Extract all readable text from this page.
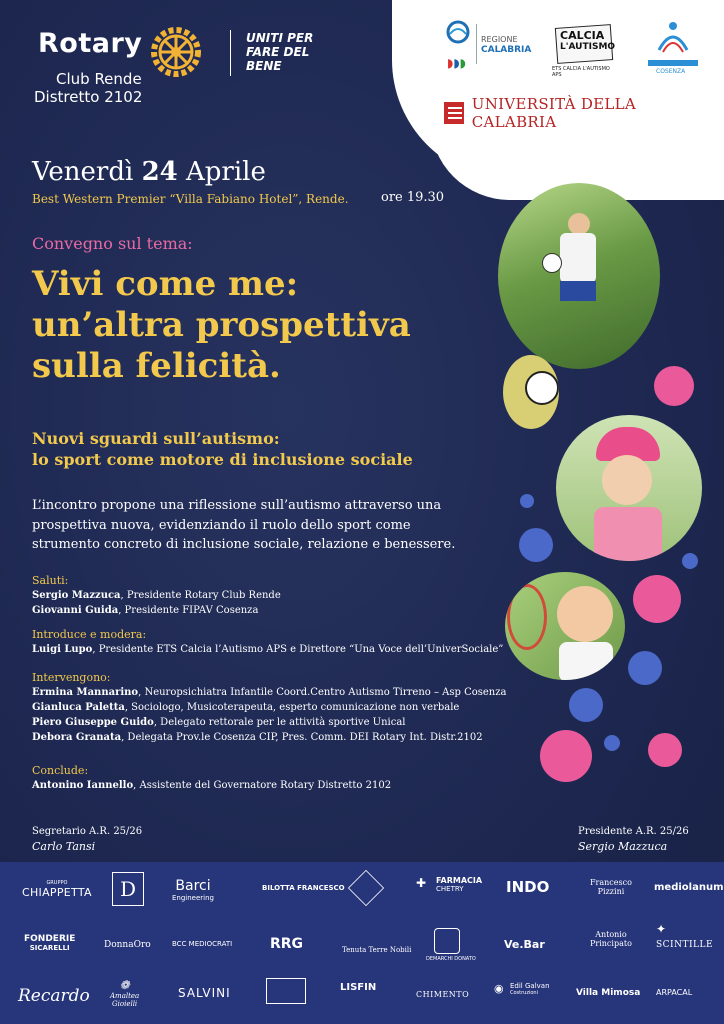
Rotary
Club Rende
Distretto 2102
UNITI PER
FARE DEL
BENE	◗◗◗
REGIONE
CALABRIA
CALCIA
L'AUTISMO
ETS CALCIA L'AUTISMO APS	COSENZA
UNIVERSITÀ DELLA CALABRIA
Venerdì 24 Aprile
Best Western Premier “Villa Fabiano Hotel”, Rende. ore 19.30
Convegno sul tema:
Vivi come me:
un’altra prospettiva
sulla felicità.
Nuovi sguardi sull’autismo:
lo sport come motore di inclusione sociale
L’incontro propone una riflessione sull’autismo attraverso una
prospettiva nuova, evidenziando il ruolo dello sport come
strumento concreto di inclusione sociale, relazione e benessere.
Saluti:
Sergio Mazzuca, Presidente Rotary Club Rende
Giovanni Guida, Presidente FIPAV Cosenza
Introduce e modera:
Luigi Lupo, Presidente ETS Calcia l’Autismo APS e Direttore “Una Voce dell’UniverSociale”
Intervengono:
Ermina Mannarino, Neuropsichiatra Infantile Coord.Centro Autismo Tirreno – Asp Cosenza
Gianluca Paletta, Sociologo, Musicoterapeuta, esperto comunicazione non verbale
Piero Giuseppe Guido, Delegato rettorale per le attività sportive Unical
Debora Granata, Delegata Prov.le Cosenza CIP, Pres. Comm. DEI Rotary Int. Distr.2102
Conclude:
Antonino Iannello, Assistente del Governatore Rotary Distretto 2102
Segretario A.R. 25/26
Carlo Tansi
Presidente A.R. 25/26
Sergio Mazzuca
GRUPPO
CHIAPPETTA	D	Barci
Engineering
BILOTTA FRANCESCO	✚ FARMACIA
CHETRY	INDO	Francesco
Pizzini	mediolanum
FONDERIE
SICARELLI	DonnaOro	BCC MEDIOCRATI	RRG	Tenuta Terre Nobili
DEMARCHI DONATO
Ve.Bar
Antonio
Principato
✦
SCINTILLE
Recardo
❁
Amaltea
Gioielli
SALVINI	LISFIN
CHIMENTO ◉ Edil Galvan
Costruzioni	Villa Mimosa ARPACAL
